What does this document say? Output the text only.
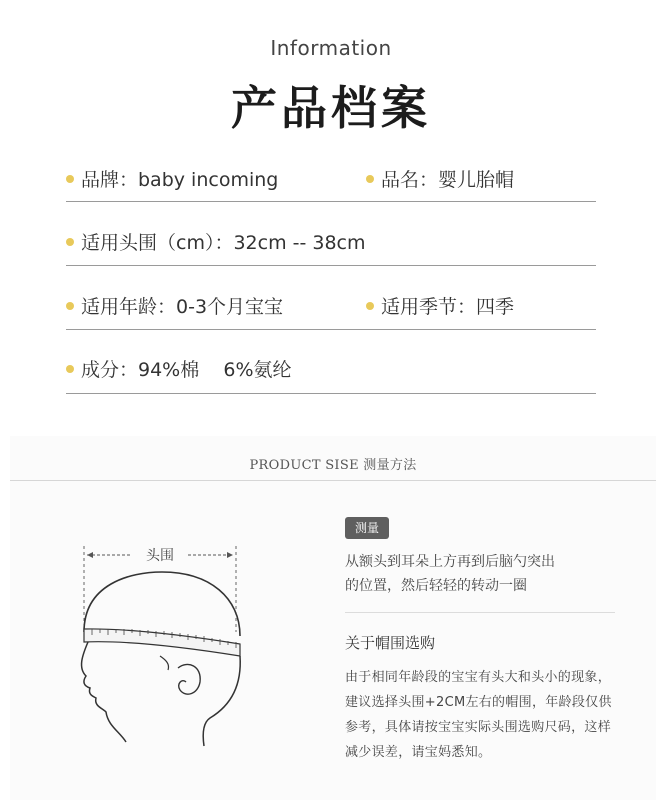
Information
产品档案
品牌：baby incoming	品名：婴儿胎帽
适用头围（cm）：32cm -- 38cm
适用年龄：0-3个月宝宝	适用季节：四季
成分：94%棉    6%氨纶
PRODUCT SISE 测量方法
头围
测量
从额头到耳朵上方再到后脑勺突出
的位置，然后轻轻的转动一圈
关于帽围选购
由于相同年龄段的宝宝有头大和头小的现象，
建议选择头围+2CM左右的帽围，年龄段仅供
参考，具体请按宝宝实际头围选购尺码，这样
减少误差，请宝妈悉知。
